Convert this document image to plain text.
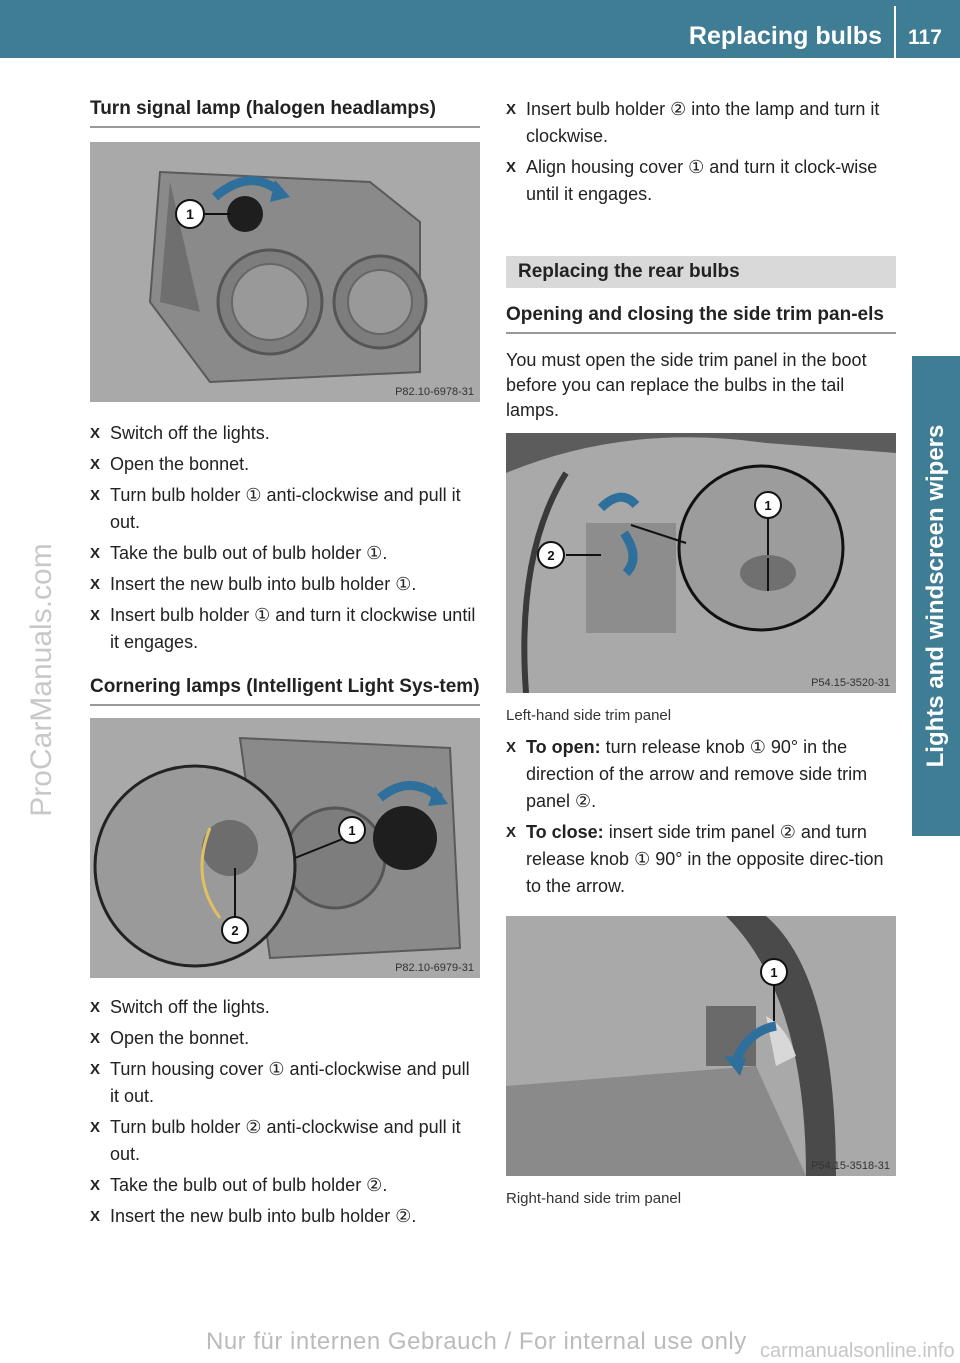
Replacing bulbs 117
Lights and windscreen wipers
ProCarManuals.com
Turn signal lamp (halogen headlamps)
1
P82.10-6978-31
X Switch off the lights.
X Open the bonnet.
X Turn bulb holder ① anti-clockwise and pull it out.
X Take the bulb out of bulb holder ①.
X Insert the new bulb into bulb holder ①.
X Insert bulb holder ① and turn it clockwise until it engages.
Cornering lamps (Intelligent Light Sys-tem)
1
2
P82.10-6979-31
X Switch off the lights.
X Open the bonnet.
X Turn housing cover ① anti-clockwise and pull it out.
X Turn bulb holder ② anti-clockwise and pull it out.
X Take the bulb out of bulb holder ②.
X Insert the new bulb into bulb holder ②.
X Insert bulb holder ② into the lamp and turn it clockwise.
X Align housing cover ① and turn it clock-wise until it engages.
Replacing the rear bulbs
Opening and closing the side trim pan-els

You must open the side trim panel in the boot before you can replace the bulbs in the tail lamps.

1
2
P54.15-3520-31
Left-hand side trim panel
X To open: turn release knob ① 90° in the direction of the arrow and remove side trim panel ②.
X To close: insert side trim panel ② and turn release knob ① 90° in the opposite direc-tion to the arrow.
1
P54.15-3518-31
Right-hand side trim panel
Nur für internen Gebrauch / For internal use only carmanualsonline.info
